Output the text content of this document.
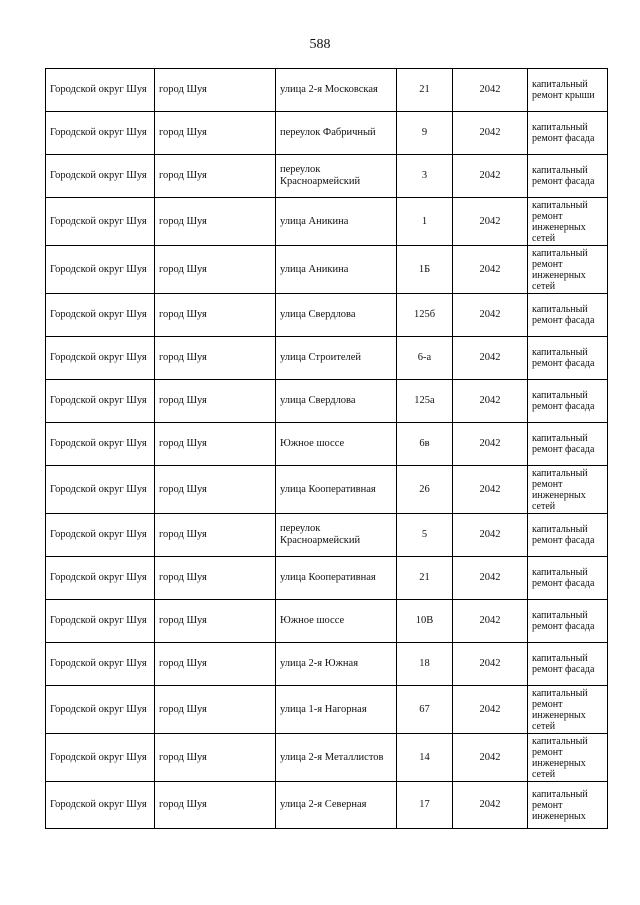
588
Городской округ Шуя	город Шуя	улица 2-я Московская	21	2042	капитальный ремонт крыши
Городской округ Шуя	город Шуя	переулок Фабричный	9	2042	капитальный ремонт фасада
Городской округ Шуя	город Шуя	переулок Красноармейский	3	2042	капитальный ремонт фасада
Городской округ Шуя	город Шуя	улица Аникина	1	2042	капитальный ремонт инженерных сетей
Городской округ Шуя	город Шуя	улица Аникина	1Б	2042	капитальный ремонт инженерных сетей
Городской округ Шуя	город Шуя	улица Свердлова	125б	2042	капитальный ремонт фасада
Городской округ Шуя	город Шуя	улица Строителей	6-а	2042	капитальный ремонт фасада
Городской округ Шуя	город Шуя	улица Свердлова	125а	2042	капитальный ремонт фасада
Городской округ Шуя	город Шуя	Южное шоссе	6в	2042	капитальный ремонт фасада
Городской округ Шуя	город Шуя	улица Кооперативная	26	2042	капитальный ремонт инженерных сетей
Городской округ Шуя	город Шуя	переулок Красноармейский	5	2042	капитальный ремонт фасада
Городской округ Шуя	город Шуя	улица Кооперативная	21	2042	капитальный ремонт фасада
Городской округ Шуя	город Шуя	Южное шоссе	10В	2042	капитальный ремонт фасада
Городской округ Шуя	город Шуя	улица 2-я Южная	18	2042	капитальный ремонт фасада
Городской округ Шуя	город Шуя	улица 1-я Нагорная	67	2042	капитальный ремонт инженерных сетей
Городской округ Шуя	город Шуя	улица 2-я Металлистов	14	2042	капитальный ремонт инженерных сетей
Городской округ Шуя	город Шуя	улица 2-я Северная	17	2042	капитальный ремонт инженерных
